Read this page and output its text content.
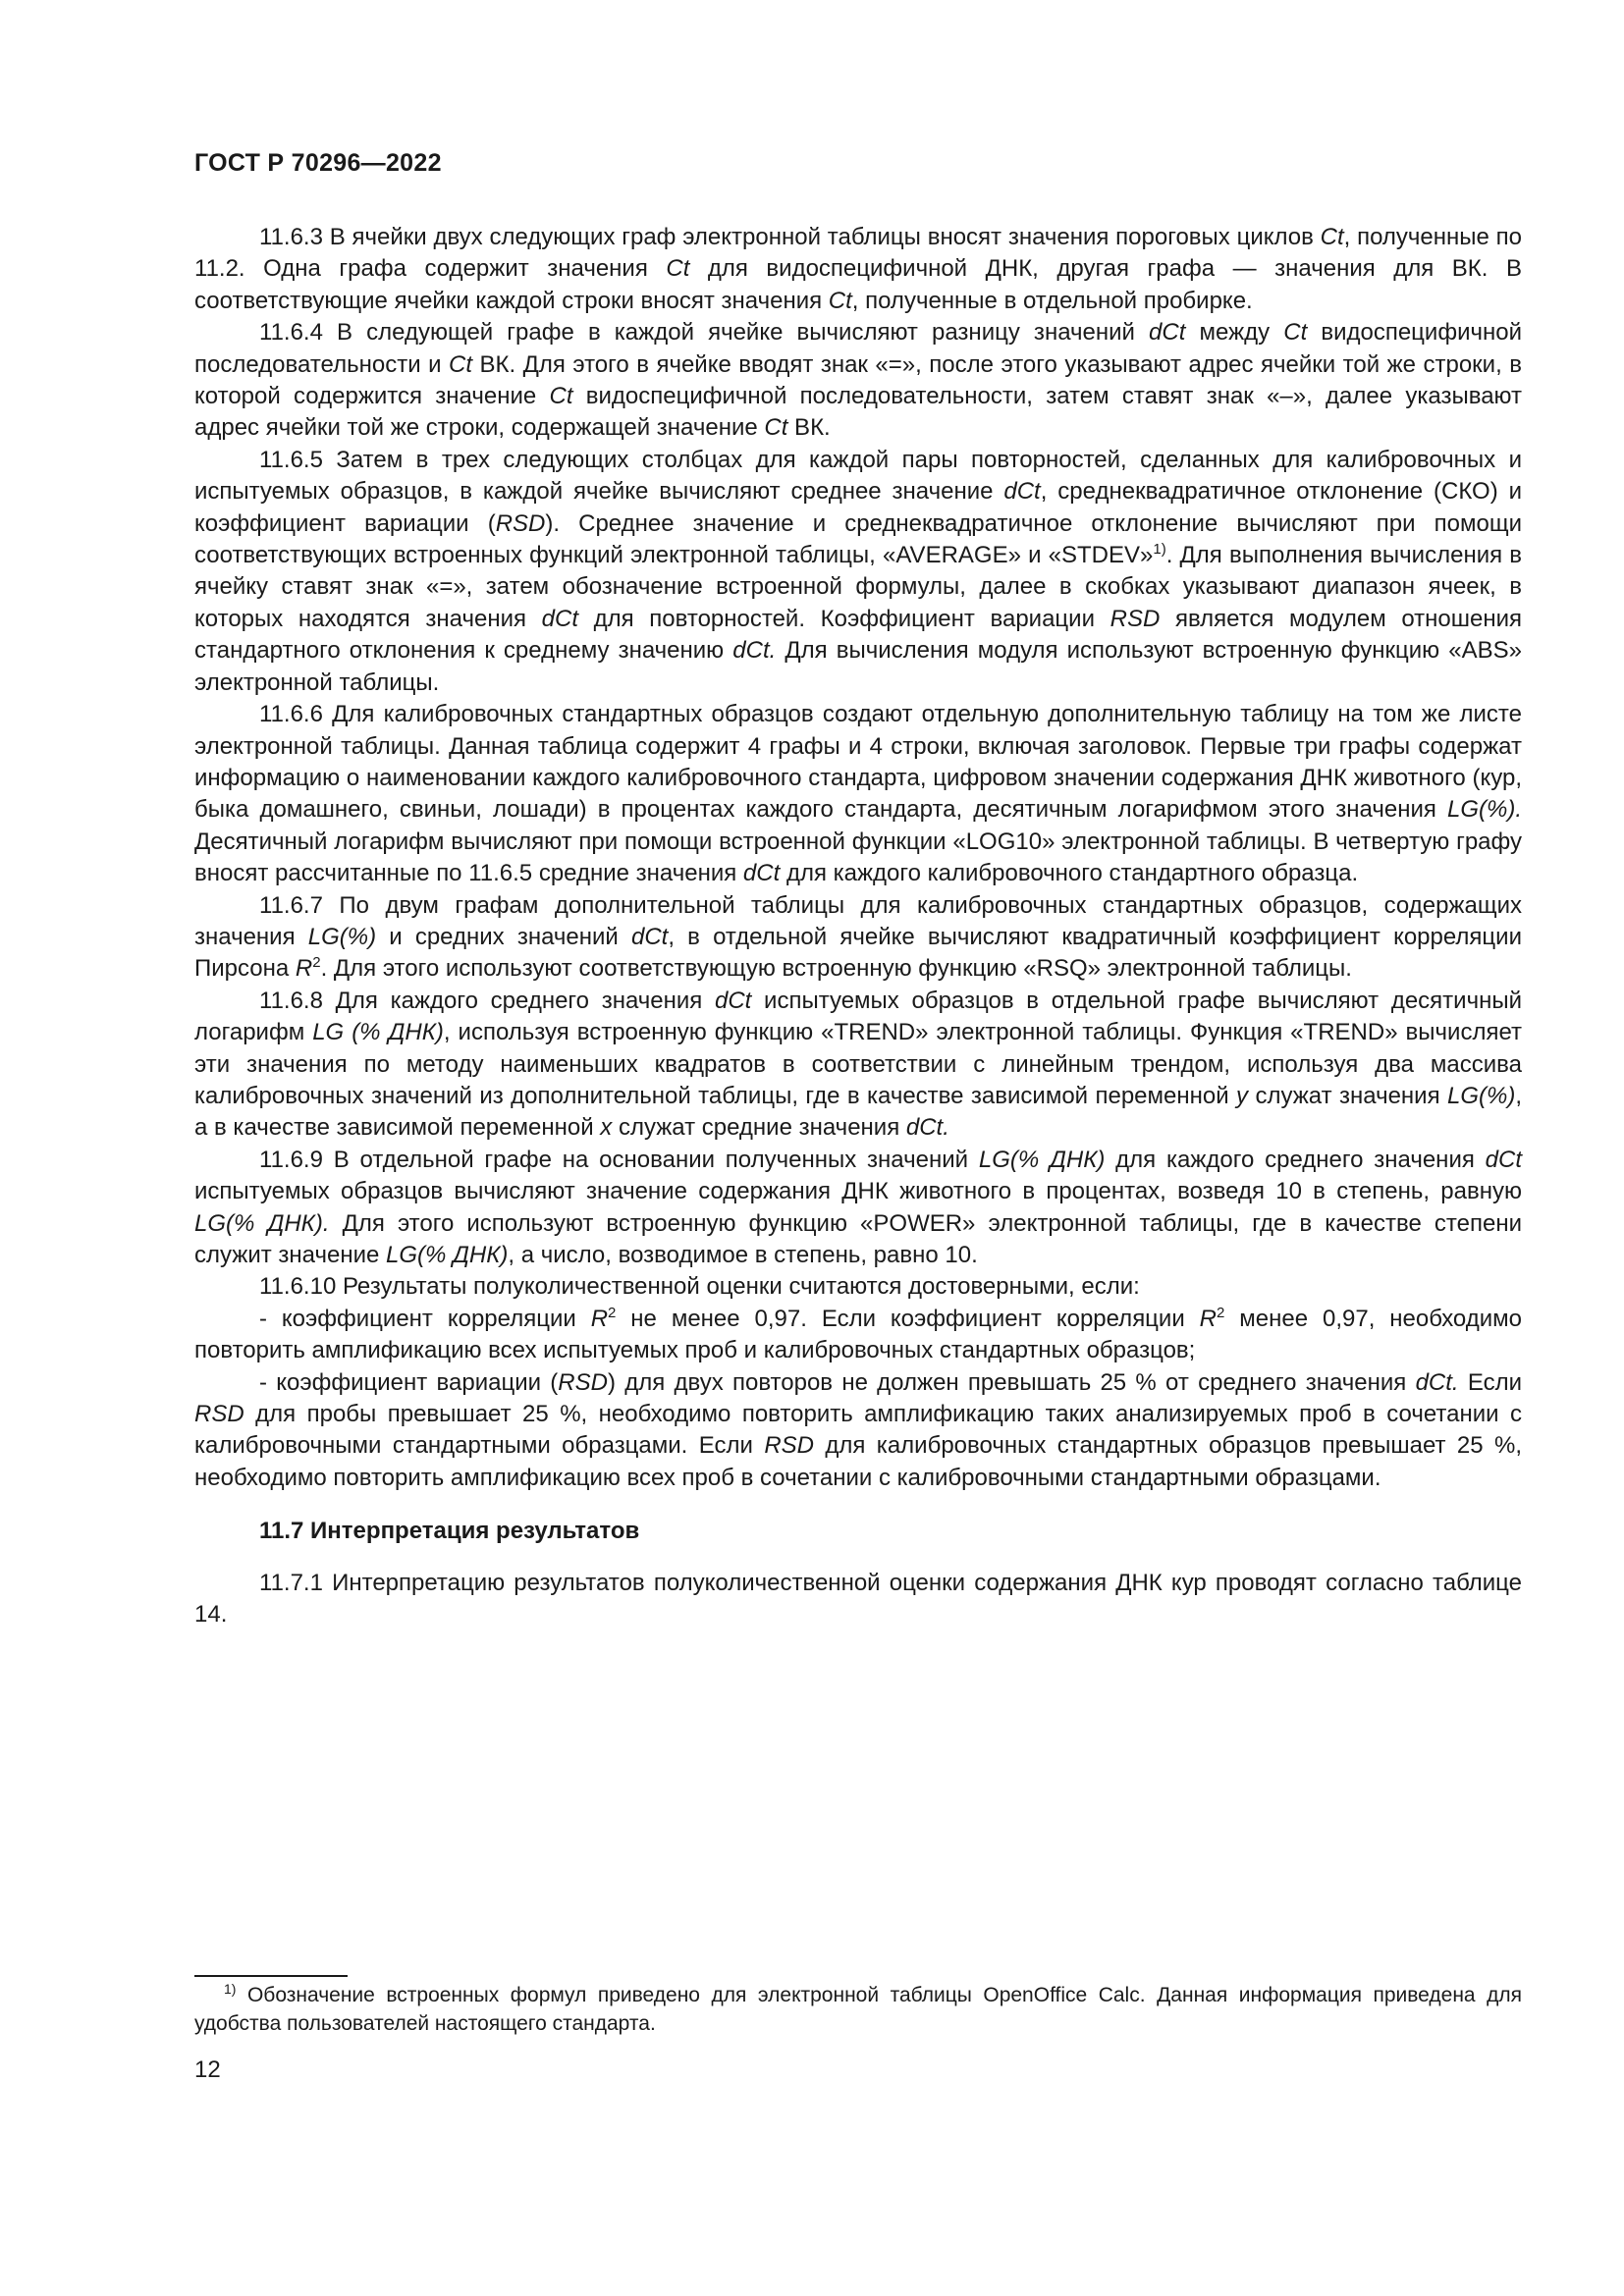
ГОСТ Р 70296—2022

11.6.3 В ячейки двух следующих граф электронной таблицы вносят значения пороговых циклов Ct, полученные по 11.2. Одна графа содержит значения Ct для видоспецифичной ДНК, другая графа — значения для ВК. В соответствующие ячейки каждой строки вносят значения Ct, полученные в отдельной пробирке.

11.6.4 В следующей графе в каждой ячейке вычисляют разницу значений dCt между Ct видоспецифичной последовательности и Ct ВК. Для этого в ячейке вводят знак «=», после этого указывают адрес ячейки той же строки, в которой содержится значение Ct видоспецифичной последовательности, затем ставят знак «–», далее указывают адрес ячейки той же строки, содержащей значение Ct ВК.

11.6.5 Затем в трех следующих столбцах для каждой пары повторностей, сделанных для калибровочных и испытуемых образцов, в каждой ячейке вычисляют среднее значение dCt, среднеквадратичное отклонение (СКО) и коэффициент вариации (RSD). Среднее значение и среднеквадратичное отклонение вычисляют при помощи соответствующих встроенных функций электронной таблицы, «AVERAGE» и «STDEV»$^{1)}$. Для выполнения вычисления в ячейку ставят знак «=», затем обозначение встроенной формулы, далее в скобках указывают диапазон ячеек, в которых находятся значения dCt для повторностей. Коэффициент вариации RSD является модулем отношения стандартного отклонения к среднему значению dCt. Для вычисления модуля используют встроенную функцию «ABS» электронной таблицы.

11.6.6 Для калибровочных стандартных образцов создают отдельную дополнительную таблицу на том же листе электронной таблицы. Данная таблица содержит 4 графы и 4 строки, включая заголовок. Первые три графы содержат информацию о наименовании каждого калибровочного стандарта, цифровом значении содержания ДНК животного (кур, быка домашнего, свиньи, лошади) в процентах каждого стандарта, десятичным логарифмом этого значения LG(%). Десятичный логарифм вычисляют при помощи встроенной функции «LOG10» электронной таблицы. В четвертую графу вносят рассчитанные по 11.6.5 средние значения dCt для каждого калибровочного стандартного образца.

11.6.7 По двум графам дополнительной таблицы для калибровочных стандартных образцов, содержащих значения LG(%) и средних значений dCt, в отдельной ячейке вычисляют квадратичный коэффициент корреляции Пирсона $R^2$. Для этого используют соответствующую встроенную функцию «RSQ» электронной таблицы.

11.6.8 Для каждого среднего значения dCt испытуемых образцов в отдельной графе вычисляют десятичный логарифм LG (% ДНК), используя встроенную функцию «TREND» электронной таблицы. Функция «TREND» вычисляет эти значения по методу наименьших квадратов в соответствии с линейным трендом, используя два массива калибровочных значений из дополнительной таблицы, где в качестве зависимой переменной y служат значения LG(%), а в качестве зависимой переменной x служат средние значения dCt.

11.6.9 В отдельной графе на основании полученных значений LG(% ДНК) для каждого среднего значения dCt испытуемых образцов вычисляют значение содержания ДНК животного в процентах, возведя 10 в степень, равную LG(% ДНК). Для этого используют встроенную функцию «POWER» электронной таблицы, где в качестве степени служит значение LG(% ДНК), а число, возводимое в степень, равно 10.

11.6.10 Результаты полуколичественной оценки считаются достоверными, если:

- коэффициент корреляции $R^2$ не менее 0,97. Если коэффициент корреляции $R^2$ менее 0,97, необходимо повторить амплификацию всех испытуемых проб и калибровочных стандартных образцов;

- коэффициент вариации (RSD) для двух повторов не должен превышать 25 % от среднего значения dCt. Если RSD для пробы превышает 25 %, необходимо повторить амплификацию таких анализируемых проб в сочетании с калибровочными стандартными образцами. Если RSD для калибровочных стандартных образцов превышает 25 %, необходимо повторить амплификацию всех проб в сочетании с калибровочными стандартными образцами.

11.7 Интерпретация результатов

11.7.1 Интерпретацию результатов полуколичественной оценки содержания ДНК кур проводят согласно таблице 14.

$^{1)}$ Обозначение встроенных формул приведено для электронной таблицы OpenOffice Calc. Данная информация приведена для удобства пользователей настоящего стандарта.

12
